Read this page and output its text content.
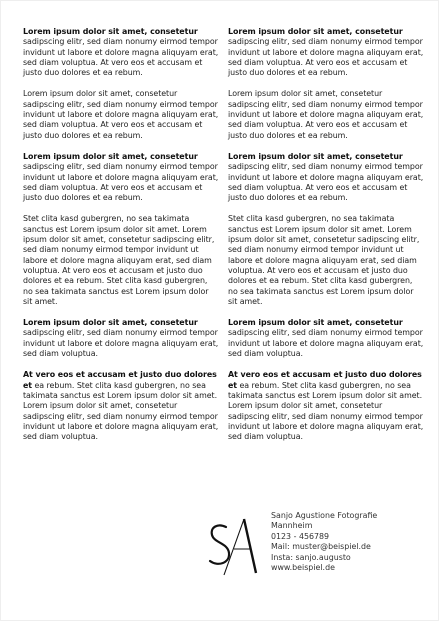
Lorem ipsum dolor sit amet, consetetur sadipscing elitr, sed diam nonumy eirmod tempor invidunt ut labore et dolore magna aliquyam erat, sed diam voluptua. At vero eos et accusam et justo duo dolores et ea rebum.

Lorem ipsum dolor sit amet, consetetur sadipscing elitr, sed diam nonumy eirmod tempor invidunt ut labore et dolore magna aliquyam erat, sed diam voluptua. At vero eos et accusam et justo duo dolores et ea rebum.

Lorem ipsum dolor sit amet, consetetur sadipscing elitr, sed diam nonumy eirmod tempor invidunt ut labore et dolore magna aliquyam erat, sed diam voluptua. At vero eos et accusam et justo duo dolores et ea rebum.

Stet clita kasd gubergren, no sea takimata sanctus est Lorem ipsum dolor sit amet. Lorem ipsum dolor sit amet, consetetur sadipscing elitr, sed diam nonumy eirmod tempor invidunt ut labore et dolore magna aliquyam erat, sed diam voluptua. At vero eos et accusam et justo duo dolores et ea rebum. Stet clita kasd gubergren, no sea takimata sanctus est Lorem ipsum dolor sit amet.

Lorem ipsum dolor sit amet, consetetur sadipscing elitr, sed diam nonumy eirmod tempor invidunt ut labore et dolore magna aliquyam erat, sed diam voluptua.

At vero eos et accusam et justo duo dolores et ea rebum. Stet clita kasd gubergren, no sea takimata sanctus est Lorem ipsum dolor sit amet. Lorem ipsum dolor sit amet, consetetur sadipscing elitr, sed diam nonumy eirmod tempor invidunt ut labore et dolore magna aliquyam erat, sed diam voluptua.

Lorem ipsum dolor sit amet, consetetur sadipscing elitr, sed diam nonumy eirmod tempor invidunt ut labore et dolore magna aliquyam erat, sed diam voluptua. At vero eos et accusam et justo duo dolores et ea rebum.

Lorem ipsum dolor sit amet, consetetur sadipscing elitr, sed diam nonumy eirmod tempor invidunt ut labore et dolore magna aliquyam erat, sed diam voluptua. At vero eos et accusam et justo duo dolores et ea rebum.

Lorem ipsum dolor sit amet, consetetur sadipscing elitr, sed diam nonumy eirmod tempor invidunt ut labore et dolore magna aliquyam erat, sed diam voluptua. At vero eos et accusam et justo duo dolores et ea rebum.

Stet clita kasd gubergren, no sea takimata sanctus est Lorem ipsum dolor sit amet. Lorem ipsum dolor sit amet, consetetur sadipscing elitr, sed diam nonumy eirmod tempor invidunt ut labore et dolore magna aliquyam erat, sed diam voluptua. At vero eos et accusam et justo duo dolores et ea rebum. Stet clita kasd gubergren, no sea takimata sanctus est Lorem ipsum dolor sit amet.

Lorem ipsum dolor sit amet, consetetur sadipscing elitr, sed diam nonumy eirmod tempor invidunt ut labore et dolore magna aliquyam erat, sed diam voluptua.

At vero eos et accusam et justo duo dolores et ea rebum. Stet clita kasd gubergren, no sea takimata sanctus est Lorem ipsum dolor sit amet. Lorem ipsum dolor sit amet, consetetur sadipscing elitr, sed diam nonumy eirmod tempor invidunt ut labore et dolore magna aliquyam erat, sed diam voluptua.

Sanjo Agustione Fotografie
Mannheim
0123 - 456789
Mail: muster@beispiel.de
Insta: sanjo.augusto
www.beispiel.de
